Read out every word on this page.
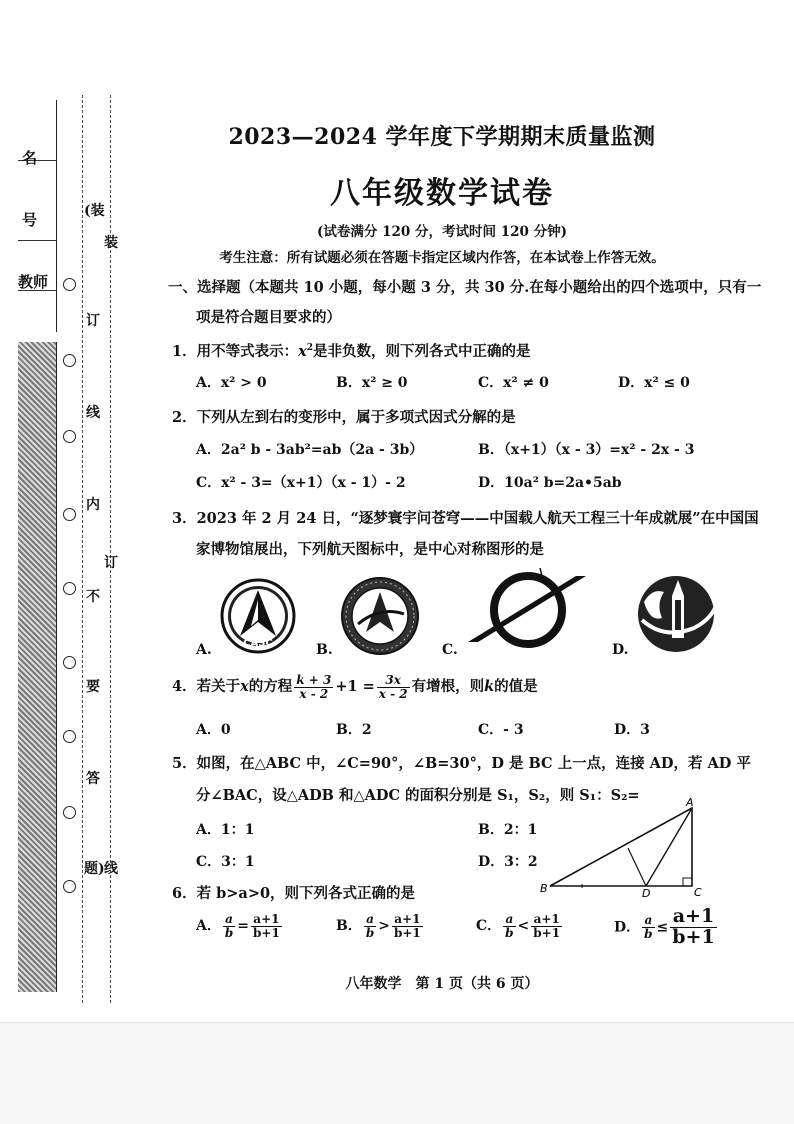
名
号
教师
(装
订
线
内
不
要
答
题)
装
订
线
2023—2024 学年度下学期期末质量监测
八年级数学试卷
(试卷满分 120 分，考试时间 120 分钟)
考生注意：所有试题必须在答题卡指定区域内作答，在本试卷上作答无效。
一、选择题（本题共 10 小题，每小题 3 分，共 30 分.在每小题给出的四个选项中，只有一
项是符合题目要求的）
1．用不等式表示：$x^2$是非负数，则下列各式中正确的是
A．x² > 0	B．x² ≥ 0	C．x² ≠ 0	D．x² ≤ 0
2．下列从左到右的变形中，属于多项式因式分解的是
A．2a² b - 3ab²=ab（2a - 3b）	B．（x+1）（x - 3）=x² - 2x - 3
C．x² - 3=（x+1）（x - 1）- 2	D．10a² b=2a•5ab
3．2023 年 2 月 24 日，“逐梦寰宇问苍穹——中国载人航天工程三十年成就展”在中国国
家博物馆展出，下列航天图标中，是中心对称图形的是
CASC
A.	B.	C.	D.
4．若关于x的方程 $\frac{k + 3}{x - 2} +1 = \frac{3x}{x - 2}$ 有增根，则k的值是
A．0	B．2	C．- 3	D．3
5．如图，在△ABC 中，∠C=90°，∠B=30°，D 是 BC 上一点，连接 AD，若 AD 平
分∠BAC，设△ADB 和△ADC 的面积分别是 S₁，S₂，则 S₁：S₂=
A．1：1	B．2：1
C．3：1	D．3：2
B	C
A
D
6．若 b>a>0，则下列各式正确的是
A． $\frac{a}{b} = \frac{a+1}{b+1}$	B． $\frac{a}{b} > \frac{a+1}{b+1}$	C． $\frac{a}{b} < \frac{a+1}{b+1}$	D． $\frac{a}{b} \le \frac{a+1}{b+1}$
八年数学　第 1 页（共 6 页）
